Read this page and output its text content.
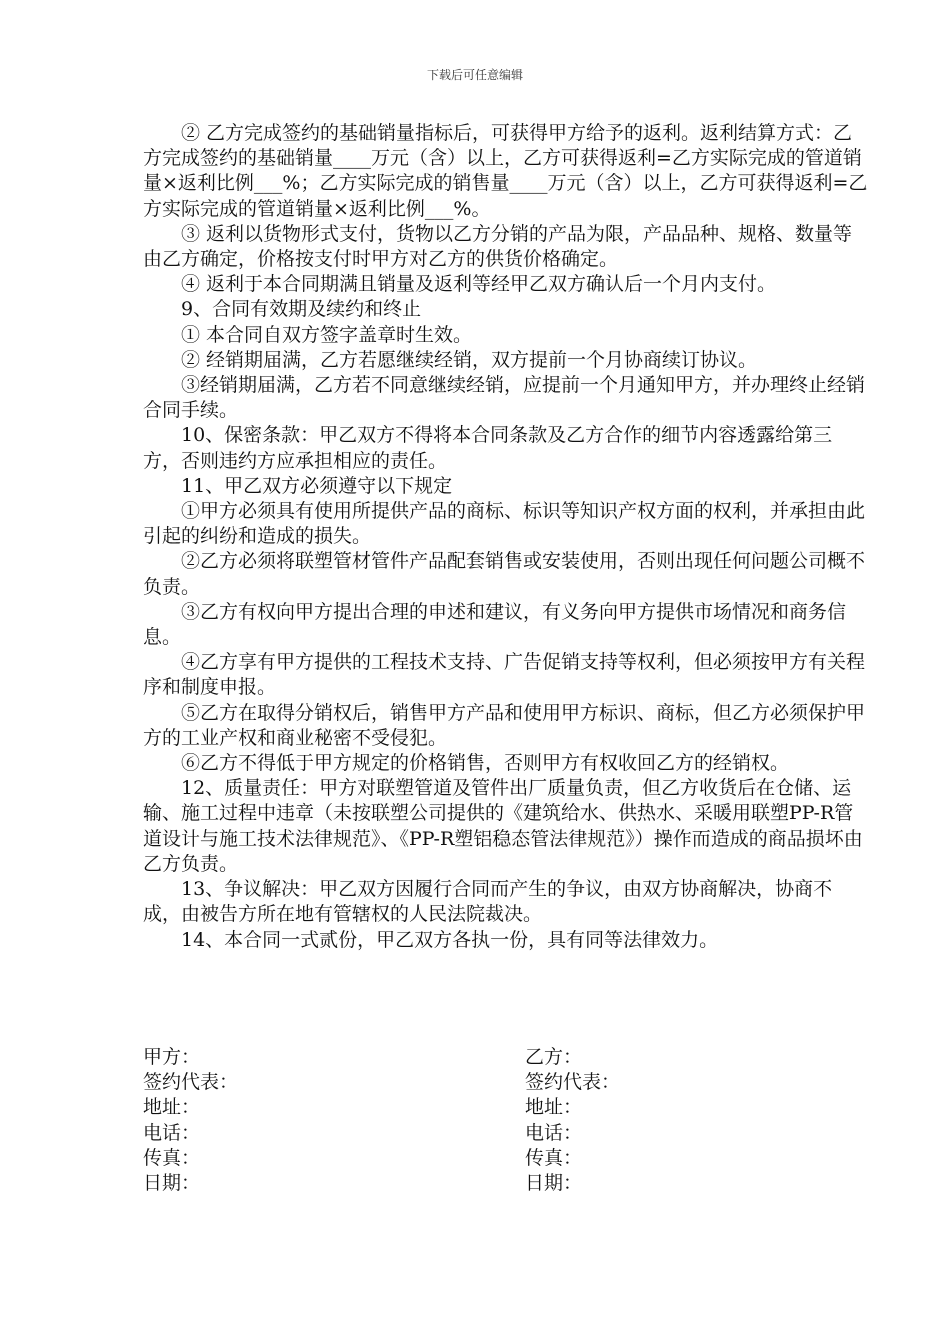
下载后可任意编辑

② 乙方完成签约的基础销量指标后，可获得甲方给予的返利。返利结算方式：乙方完成签约的基础销量____万元（含）以上，乙方可获得返利=乙方实际完成的管道销量×返利比例___%；乙方实际完成的销售量____万元（含）以上，乙方可获得返利=乙方实际完成的管道销量×返利比例___%。

③ 返利以货物形式支付，货物以乙方分销的产品为限，产品品种、规格、数量等由乙方确定，价格按支付时甲方对乙方的供货价格确定。

④ 返利于本合同期满且销量及返利等经甲乙双方确认后一个月内支付。

9、合同有效期及续约和终止

① 本合同自双方签字盖章时生效。

② 经销期届满，乙方若愿继续经销，双方提前一个月协商续订协议。

③经销期届满，乙方若不同意继续经销，应提前一个月通知甲方，并办理终止经销合同手续。

10、保密条款：甲乙双方不得将本合同条款及乙方合作的细节内容透露给第三方，否则违约方应承担相应的责任。

11、甲乙双方必须遵守以下规定

①甲方必须具有使用所提供产品的商标、标识等知识产权方面的权利，并承担由此引起的纠纷和造成的损失。

②乙方必须将联塑管材管件产品配套销售或安装使用，否则出现任何问题公司概不负责。

③乙方有权向甲方提出合理的申述和建议，有义务向甲方提供市场情况和商务信息。

④乙方享有甲方提供的工程技术支持、广告促销支持等权利，但必须按甲方有关程序和制度申报。

⑤乙方在取得分销权后，销售甲方产品和使用甲方标识、商标，但乙方必须保护甲方的工业产权和商业秘密不受侵犯。

⑥乙方不得低于甲方规定的价格销售，否则甲方有权收回乙方的经销权。

12、质量责任：甲方对联塑管道及管件出厂质量负责，但乙方收货后在仓储、运输、施工过程中违章（未按联塑公司提供的《建筑给水、供热水、采暖用联塑PP-R管道设计与施工技术法律规范》、《PP-R塑铝稳态管法律规范》）操作而造成的商品损坏由乙方负责。

13、争议解决：甲乙双方因履行合同而产生的争议，由双方协商解决，协商不成，由被告方所在地有管辖权的人民法院裁决。

14、本合同一式贰份，甲乙双方各执一份，具有同等法律效力。

甲方：	乙方：
签约代表：	签约代表：
地址：	地址：
电话：	电话：
传真：	传真：
日期：	日期：
